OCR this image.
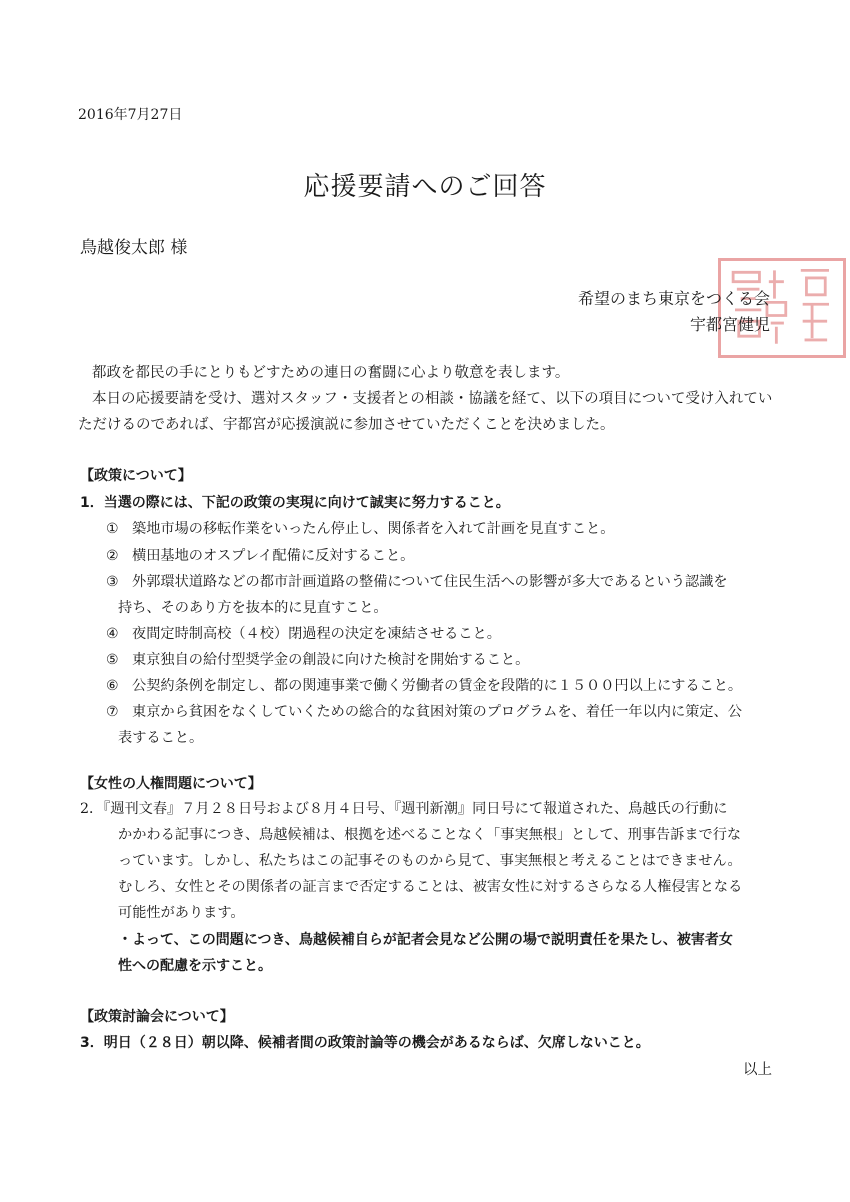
2016年7月27日
応援要請へのご回答
鳥越俊太郎 様
希望のまち東京をつくる会
宇都宮健児

都政を都民の手にとりもどすための連日の奮闘に心より敬意を表します。

本日の応援要請を受け、選対スタッフ・支援者との相談・協議を経て、以下の項目について受け入れていただけるのであれば、宇都宮が応援演説に参加させていただくことを決めました。

【政策について】
1．当選の際には、下記の政策の実現に向けて誠実に努力すること。
① 築地市場の移転作業をいったん停止し、関係者を入れて計画を見直すこと。
② 横田基地のオスプレイ配備に反対すること。
③ 外郭環状道路などの都市計画道路の整備について住民生活への影響が多大であるという認識を
持ち、そのあり方を抜本的に見直すこと。
④ 夜間定時制高校（４校）閉過程の決定を凍結させること。
⑤ 東京独自の給付型奨学金の創設に向けた検討を開始すること。
⑥ 公契約条例を制定し、都の関連事業で働く労働者の賃金を段階的に１５００円以上にすること。
⑦ 東京から貧困をなくしていくための総合的な貧困対策のプログラムを、着任一年以内に策定、公
表すること。
【女性の人権問題について】
2．『週刊文春』７月２８日号および８月４日号、『週刊新潮』同日号にて報道された、鳥越氏の行動に
かかわる記事につき、鳥越候補は、根拠を述べることなく「事実無根」として、刑事告訴まで行な
っています。しかし、私たちはこの記事そのものから見て、事実無根と考えることはできません。
むしろ、女性とその関係者の証言まで否定することは、被害女性に対するさらなる人権侵害となる
可能性があります。
・よって、この問題につき、鳥越候補自らが記者会見など公開の場で説明責任を果たし、被害者女
性への配慮を示すこと。
【政策討論会について】
3．明日（２８日）朝以降、候補者間の政策討論等の機会があるならば、欠席しないこと。
以上
